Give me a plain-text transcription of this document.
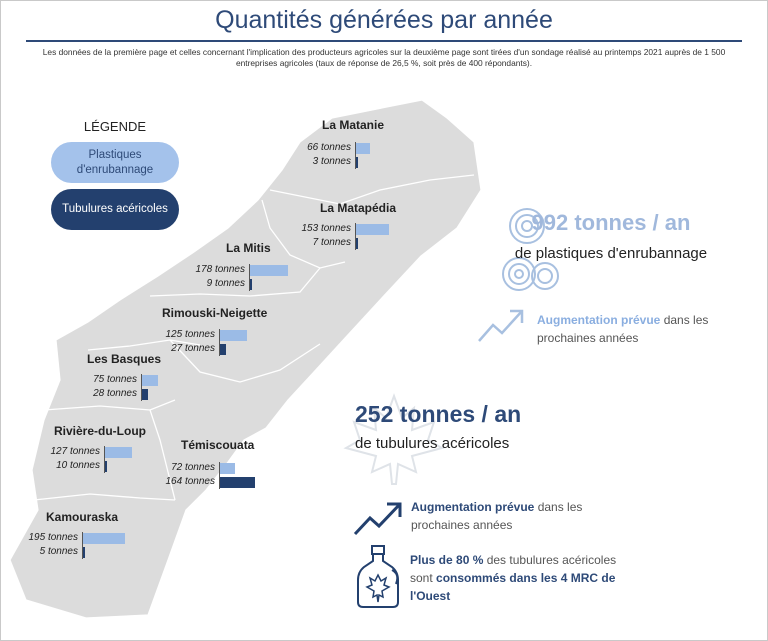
Quantités générées par année
Les données de la première page et celles concernant l'implication des producteurs agricoles sur la deuxième page sont tirées d'un sondage réalisé au printemps 2021 auprès de 1 500 entreprises agricoles (taux de réponse de 26,5 %, soit près de 400 répondants).
LÉGENDE
Plastiques d'enrubannage
Tubulures acéricoles
La Matanie
66 tonnes
3 tonnes
La Matapédia
153 tonnes
7 tonnes
La Mitis
178 tonnes
9 tonnes
Rimouski-Neigette
125 tonnes
27 tonnes
Les Basques
75 tonnes
28 tonnes
Rivière-du-Loup
127 tonnes
10 tonnes
Témiscouata
72 tonnes
164 tonnes
Kamouraska
195 tonnes
5 tonnes
992 tonnes / an
de plastiques d'enrubannage
Augmentation prévue dans les prochaines années
252 tonnes / an
de tubulures acéricoles
Augmentation prévue dans les prochaines années
Plus de 80 % des tubulures acéricoles sont consommés dans les 4 MRC de l'Ouest
